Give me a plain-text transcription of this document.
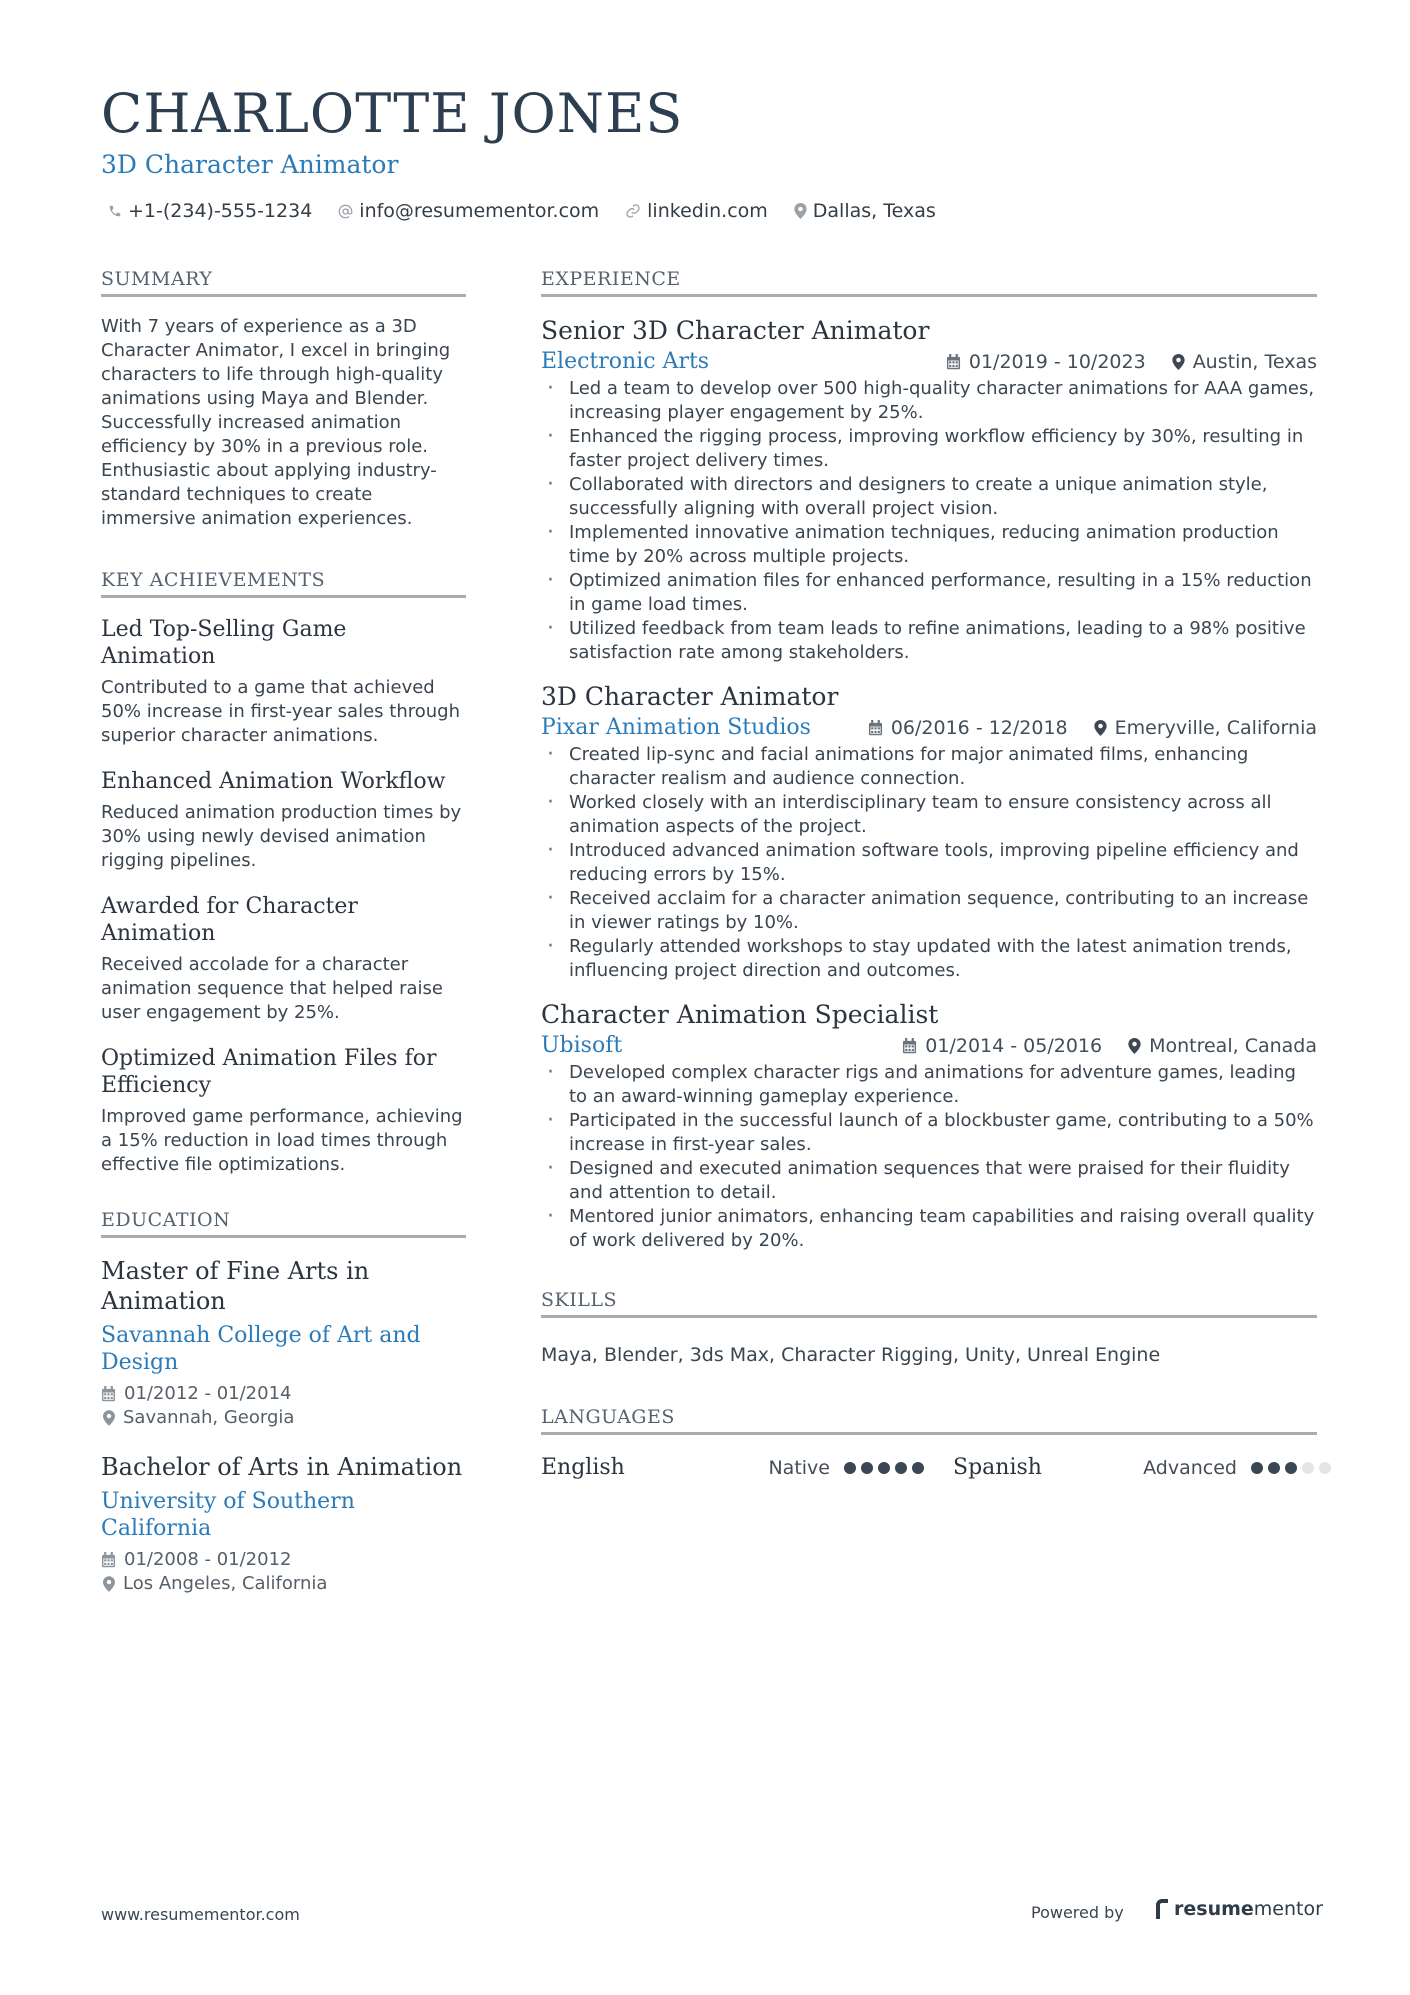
CHARLOTTE JONES
3D Character Animator
+1-(234)-555-1234 info@resumementor.com	linkedin.com Dallas, Texas
SUMMARY
With 7 years of experience as a 3D Character Animator, I excel in bringing characters to life through high-quality animations using Maya and Blender. Successfully increased animation efficiency by 30% in a previous role. Enthusiastic about applying industry-standard techniques to create immersive animation experiences.
KEY ACHIEVEMENTS
Led Top-Selling Game Animation
Contributed to a game that achieved 50% increase in first-year sales through superior character animations.
Enhanced Animation Workflow
Reduced animation production times by 30% using newly devised animation rigging pipelines.
Awarded for Character Animation
Received accolade for a character animation sequence that helped raise user engagement by 25%.
Optimized Animation Files for Efficiency
Improved game performance, achieving a 15% reduction in load times through effective file optimizations.
EDUCATION
Master of Fine Arts in Animation
Savannah College of Art and Design
01/2012 - 01/2014
Savannah, Georgia
Bachelor of Arts in Animation
University of Southern California
01/2008 - 01/2012
Los Angeles, California
EXPERIENCE
Senior 3D Character Animator
Electronic Arts	01/2019 - 10/2023 Austin, Texas
· Led a team to develop over 500 high-quality character animations for AAA games, increasing player engagement by 25%.
· Enhanced the rigging process, improving workflow efficiency by 30%, resulting in faster project delivery times.
· Collaborated with directors and designers to create a unique animation style, successfully aligning with overall project vision.
· Implemented innovative animation techniques, reducing animation production time by 20% across multiple projects.
· Optimized animation files for enhanced performance, resulting in a 15% reduction in game load times.
· Utilized feedback from team leads to refine animations, leading to a 98% positive satisfaction rate among stakeholders.
3D Character Animator
Pixar Animation Studios	06/2016 - 12/2018 Emeryville, California
· Created lip-sync and facial animations for major animated films, enhancing character realism and audience connection.
· Worked closely with an interdisciplinary team to ensure consistency across all animation aspects of the project.
· Introduced advanced animation software tools, improving pipeline efficiency and reducing errors by 15%.
· Received acclaim for a character animation sequence, contributing to an increase in viewer ratings by 10%.
· Regularly attended workshops to stay updated with the latest animation trends, influencing project direction and outcomes.
Character Animation Specialist
Ubisoft	01/2014 - 05/2016 Montreal, Canada
· Developed complex character rigs and animations for adventure games, leading to an award-winning gameplay experience.
· Participated in the successful launch of a blockbuster game, contributing to a 50% increase in first-year sales.
· Designed and executed animation sequences that were praised for their fluidity and attention to detail.
· Mentored junior animators, enhancing team capabilities and raising overall quality of work delivered by 20%.
SKILLS
Maya, Blender, 3ds Max, Character Rigging, Unity, Unreal Engine
LANGUAGES
English	Native	Spanish	Advanced
www.resumementor.com	Powered by	resume mentor
